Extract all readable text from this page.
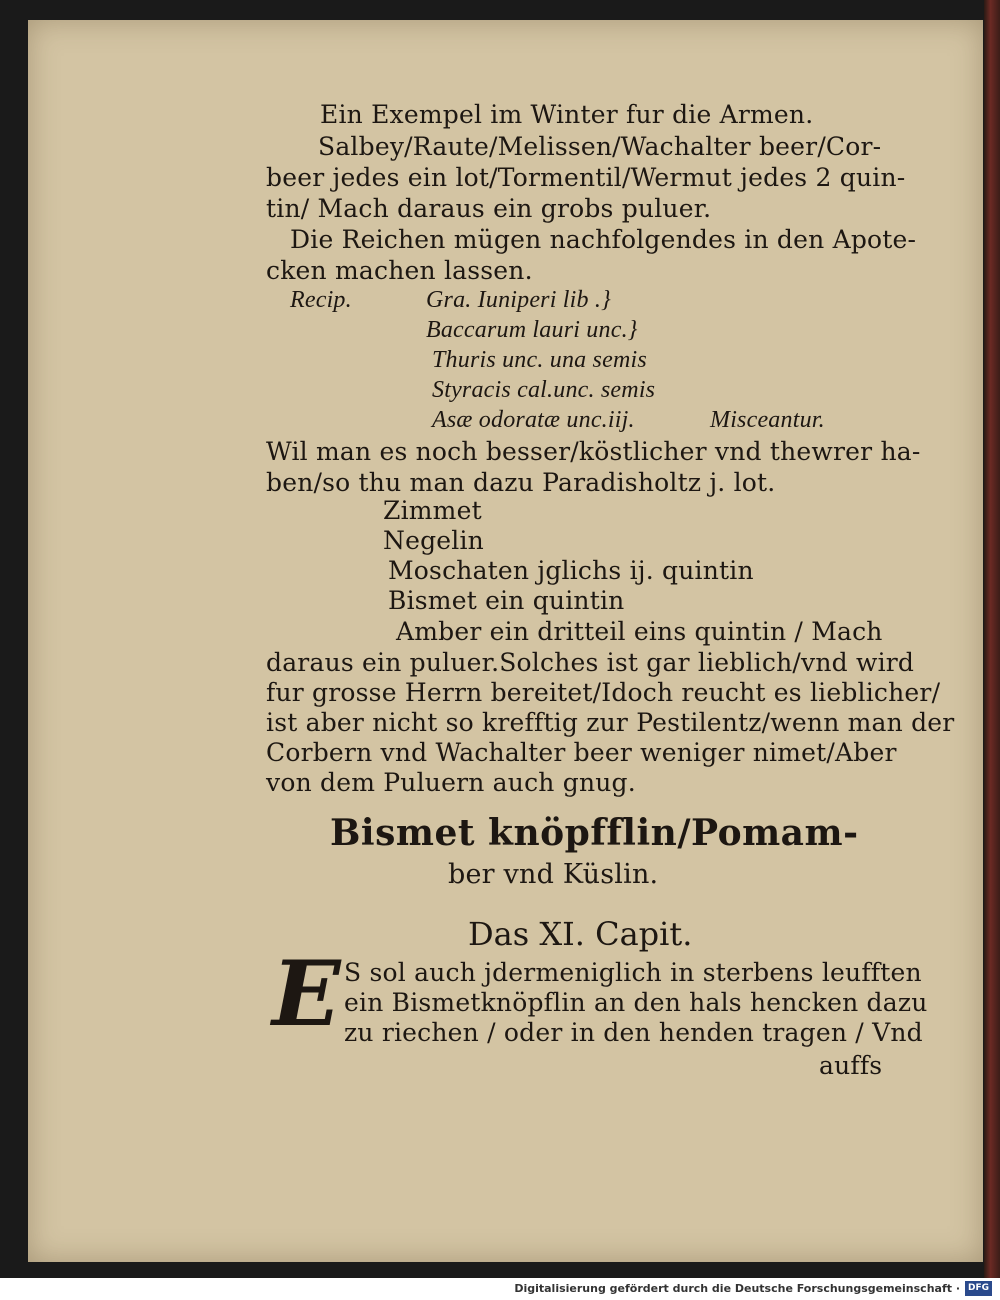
Ein Exempel im Winter fur die Armen.
Salbey/Raute/Melissen/Wachalter beer/Cor-
beer jedes ein lot/Tormentil/Wermut jedes 2 quin-
tin/ Mach daraus ein grobs puluer.
Die Reichen mügen nachfolgendes in den Apote-
cken machen lassen.
Recip.	Gra. Iuniperi lib .}
Baccarum lauri unc.}
Thuris unc. una semis
Styracis cal.unc. semis
Asæ odoratæ unc.iij.	Misceantur.
Wil man es noch besser/köstlicher vnd thewrer ha-
ben/so thu man dazu Paradisholtz j. lot.
Zimmet
Negelin
Moschaten jglichs ij. quintin
Bismet ein quintin
Amber ein dritteil eins quintin / Mach
daraus ein puluer.Solches ist gar lieblich/vnd wird
fur grosse Herrn bereitet/Idoch reucht es lieblicher/
ist aber nicht so krefftig zur Pestilentz/wenn man der
Corbern vnd Wachalter beer weniger nimet/Aber
von dem Puluern auch gnug.
Bismet knöpfflin/Pomam-
ber vnd Küslin.
Das XI. Capit.
S sol auch jdermeniglich in sterbens leufften
ein Bismetknöpflin an den hals hencken dazu
zu riechen / oder in den henden tragen / Vnd
auffs
E
Digitalisierung gefördert durch die Deutsche Forschungsgemeinschaft · DFG
